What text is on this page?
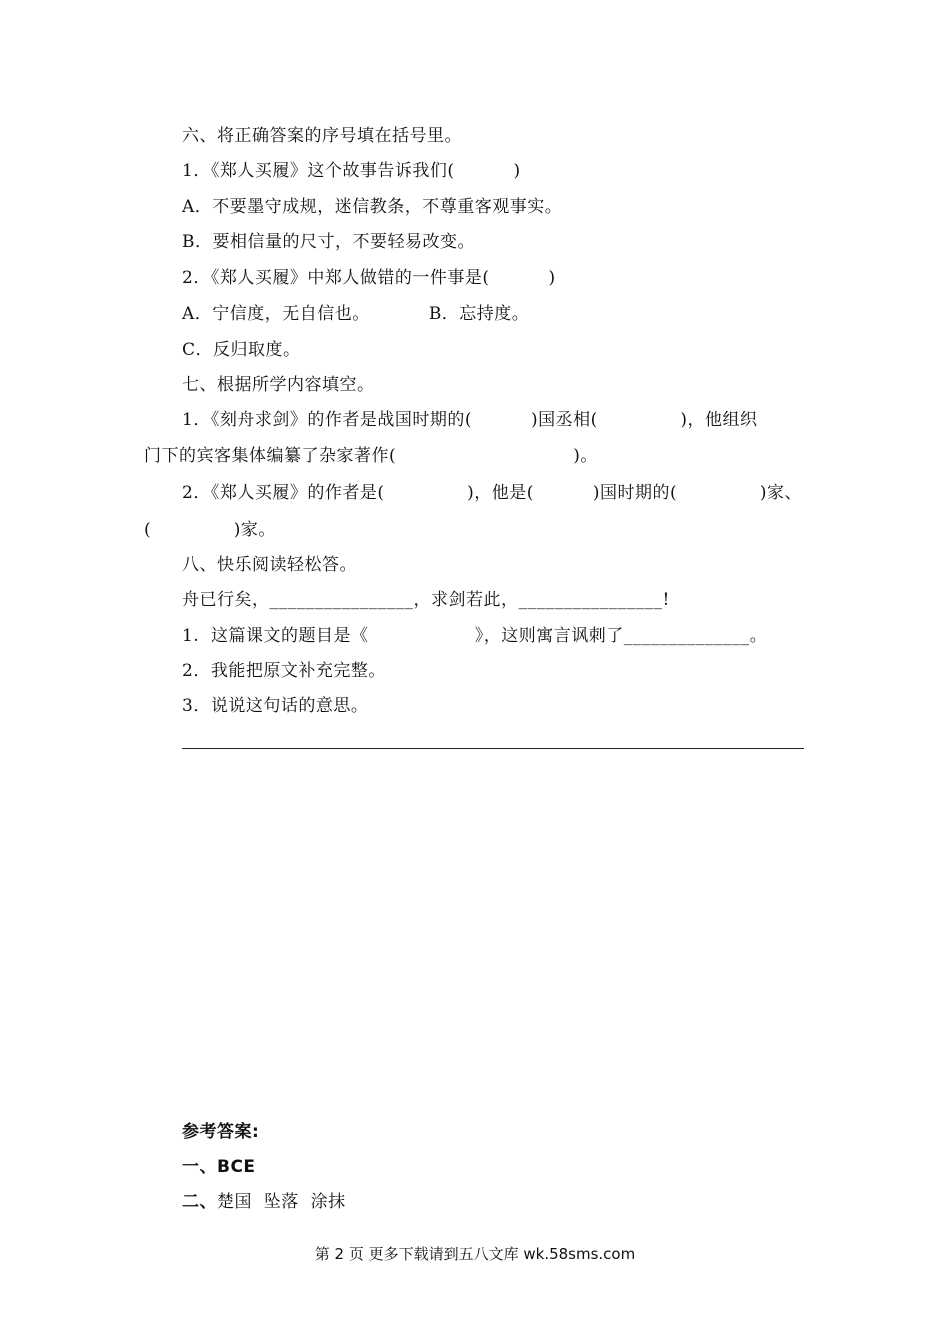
六、将正确答案的序号填在括号里。
1．《郑人买履》这个故事告诉我们(          )
A．不要墨守成规，迷信教条，不尊重客观事实。
B．要相信量的尺寸，不要轻易改变。
2．《郑人买履》中郑人做错的一件事是(          )
A．宁信度，无自信也。          B．忘持度。
C．反归取度。
七、根据所学内容填空。
1．《刻舟求剑》的作者是战国时期的(          )国丞相(              )，他组织
门下的宾客集体编纂了杂家著作(                              )。
2．《郑人买履》的作者是(              )，他是(          )国时期的(              )家、
(              )家。
八、快乐阅读轻松答。
舟已行矣，________________，求剑若此，________________!
1.  这篇课文的题目是《                  》，这则寓言讽刺了______________。
2．我能把原文补充完整。
3．说说这句话的意思。
参考答案:
一、BCE
二、楚国  坠落  涂抹
第 2 页 更多下载请到五八文库 wk.58sms.com
